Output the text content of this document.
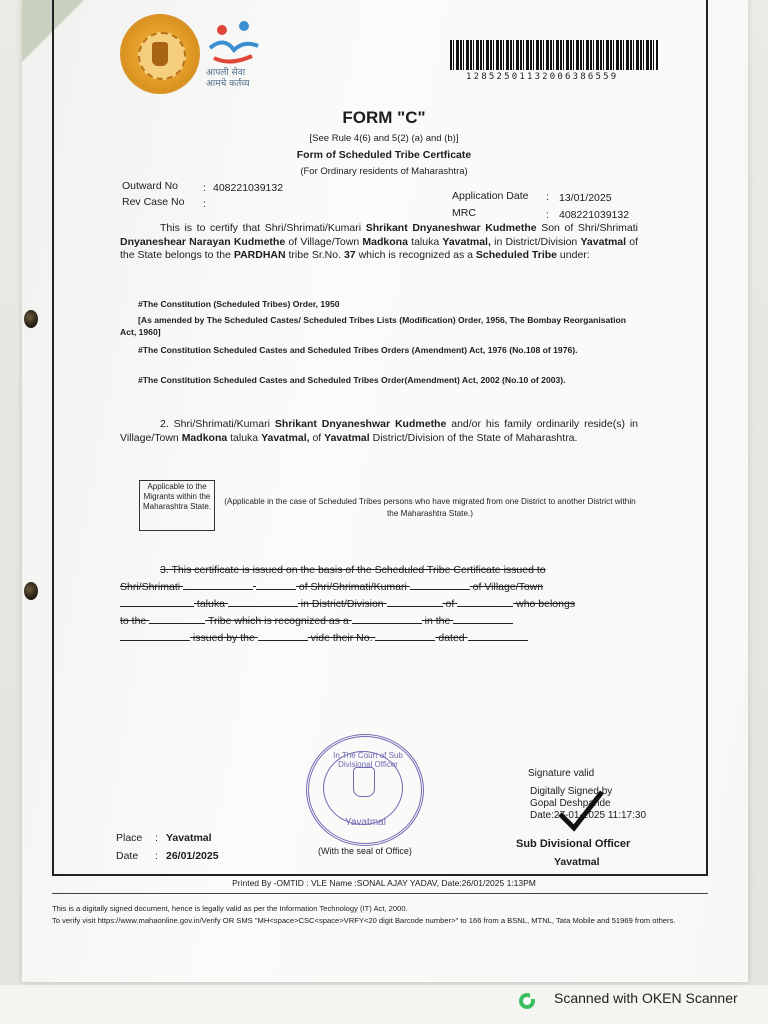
आपली सेवा
आमचे कर्तव्य
12852501132006386559
FORM "C"
[See Rule 4(6) and 5(2) (a) and (b)]
Form of Scheduled Tribe Certficate
(For Ordinary residents of Maharashtra)
Outward No : 408221039132
Rev Case No :
Application Date : 13/01/2025
MRC	: 408221039132
This is to certify that Shri/Shrimati/Kumari Shrikant Dnyaneshwar Kudmethe Son of Shri/Shrimati Dnyaneshear Narayan Kudmethe of Village/Town Madkona taluka Yavatmal, in District/Division Yavatmal of the State belongs to the PARDHAN tribe Sr.No. 37 which is recognized as a Scheduled Tribe under:
#The Constitution (Scheduled Tribes) Order, 1950
[As amended by The Scheduled Castes/ Scheduled Tribes Lists (Modification) Order, 1956, The Bombay Reorganisation Act, 1960]
#The Constitution Scheduled Castes and Scheduled Tribes Orders (Amendment) Act, 1976 (No.108 of 1976).
#The Constitution Scheduled Castes and Scheduled Tribes Order(Amendment) Act, 2002 (No.10 of 2003).
2. Shri/Shrimati/Kumari Shrikant Dnyaneshwar Kudmethe and/or his family ordinarily reside(s) in Village/Town Madkona taluka Yavatmal, of Yavatmal District/Division of the State of Maharashtra.
Applicable to the Migrants within the Maharashtra State.
(Applicable in the case of Scheduled Tribes persons who have migrated from one District to another District within the Maharashtra State.)
3. This certificate is issued on the basis of the Scheduled Tribe Certificate issued to
Shri/Shrimati	of Shri/Shrimati/Kumari	of Village/Town
taluka	in District/Division	of	who belongs
to the	Tribe which is recognized as a	in the
issued by the	vide their No.	dated
In The Court of Sub Divisional Officer
Yavatmal
Signature valid
Digitally Signed by
Gopal Deshpande
Date:27-01-2025 11:17:30
Sub Divisional Officer
Yavatmal
Place : Yavatmal
Date : 26/01/2025	(With the seal of Office)
Printed By -OMTID : VLE Name :SONAL AJAY YADAV, Date:26/01/2025 1:13PM
This is a digitally signed document, hence is legally valid as per the Information Technology (IT) Act, 2000.
To verify visit https://www.mahaonline.gov.in/Verify OR SMS "MH<space>CSC<space>VRFY<20 digit Barcode number>" to 166 from a BSNL, MTNL, Tata Mobile and 51969 from others.
Scanned with OKEN Scanner
